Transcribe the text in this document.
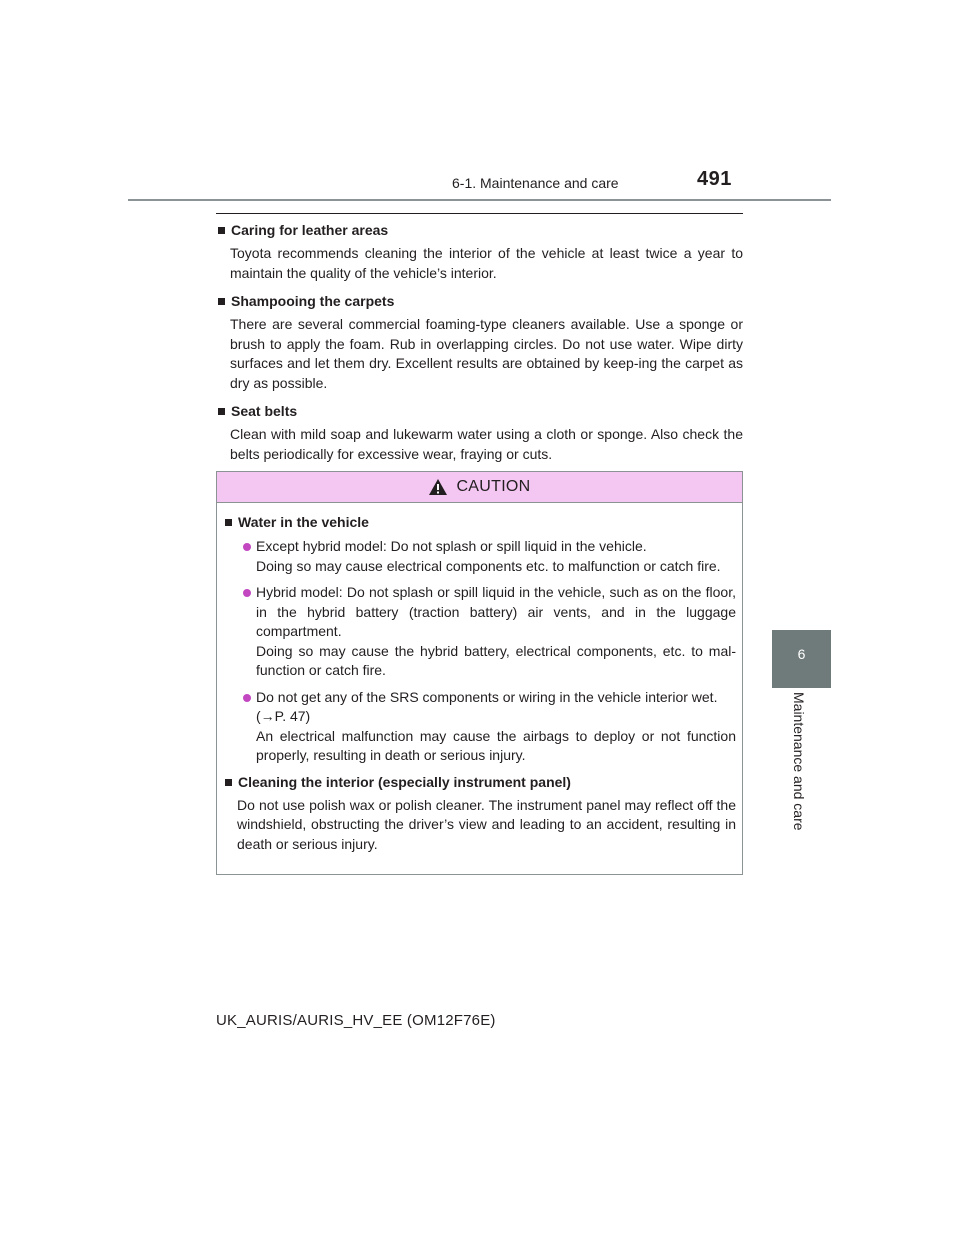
6-1. Maintenance and care	491
6
Maintenance and care
Caring for leather areas
Toyota recommends cleaning the interior of the vehicle at least twice a year to maintain the quality of the vehicle’s interior.
Shampooing the carpets
There are several commercial foaming-type cleaners available. Use a sponge or brush to apply the foam. Rub in overlapping circles. Do not use water. Wipe dirty surfaces and let them dry. Excellent results are obtained by keep-ing the carpet as dry as possible.
Seat belts
Clean with mild soap and lukewarm water using a cloth or sponge. Also check the belts periodically for excessive wear, fraying or cuts.
CAUTION
Water in the vehicle

Except hybrid model: Do not splash or spill liquid in the vehicle.

Doing so may cause electrical components etc. to malfunction or catch fire.

Hybrid model: Do not splash or spill liquid in the vehicle, such as on the floor, in the hybrid battery (traction battery) air vents, and in the luggage compartment.

Doing so may cause the hybrid battery, electrical components, etc. to mal-function or catch fire.

Do not get any of the SRS components or wiring in the vehicle interior wet.

(→P. 47)

An electrical malfunction may cause the airbags to deploy or not function properly, resulting in death or serious injury.

Cleaning the interior (especially instrument panel)
Do not use polish wax or polish cleaner. The instrument panel may reflect off the windshield, obstructing the driver’s view and leading to an accident, resulting in death or serious injury.
UK_AURIS/AURIS_HV_EE (OM12F76E)
